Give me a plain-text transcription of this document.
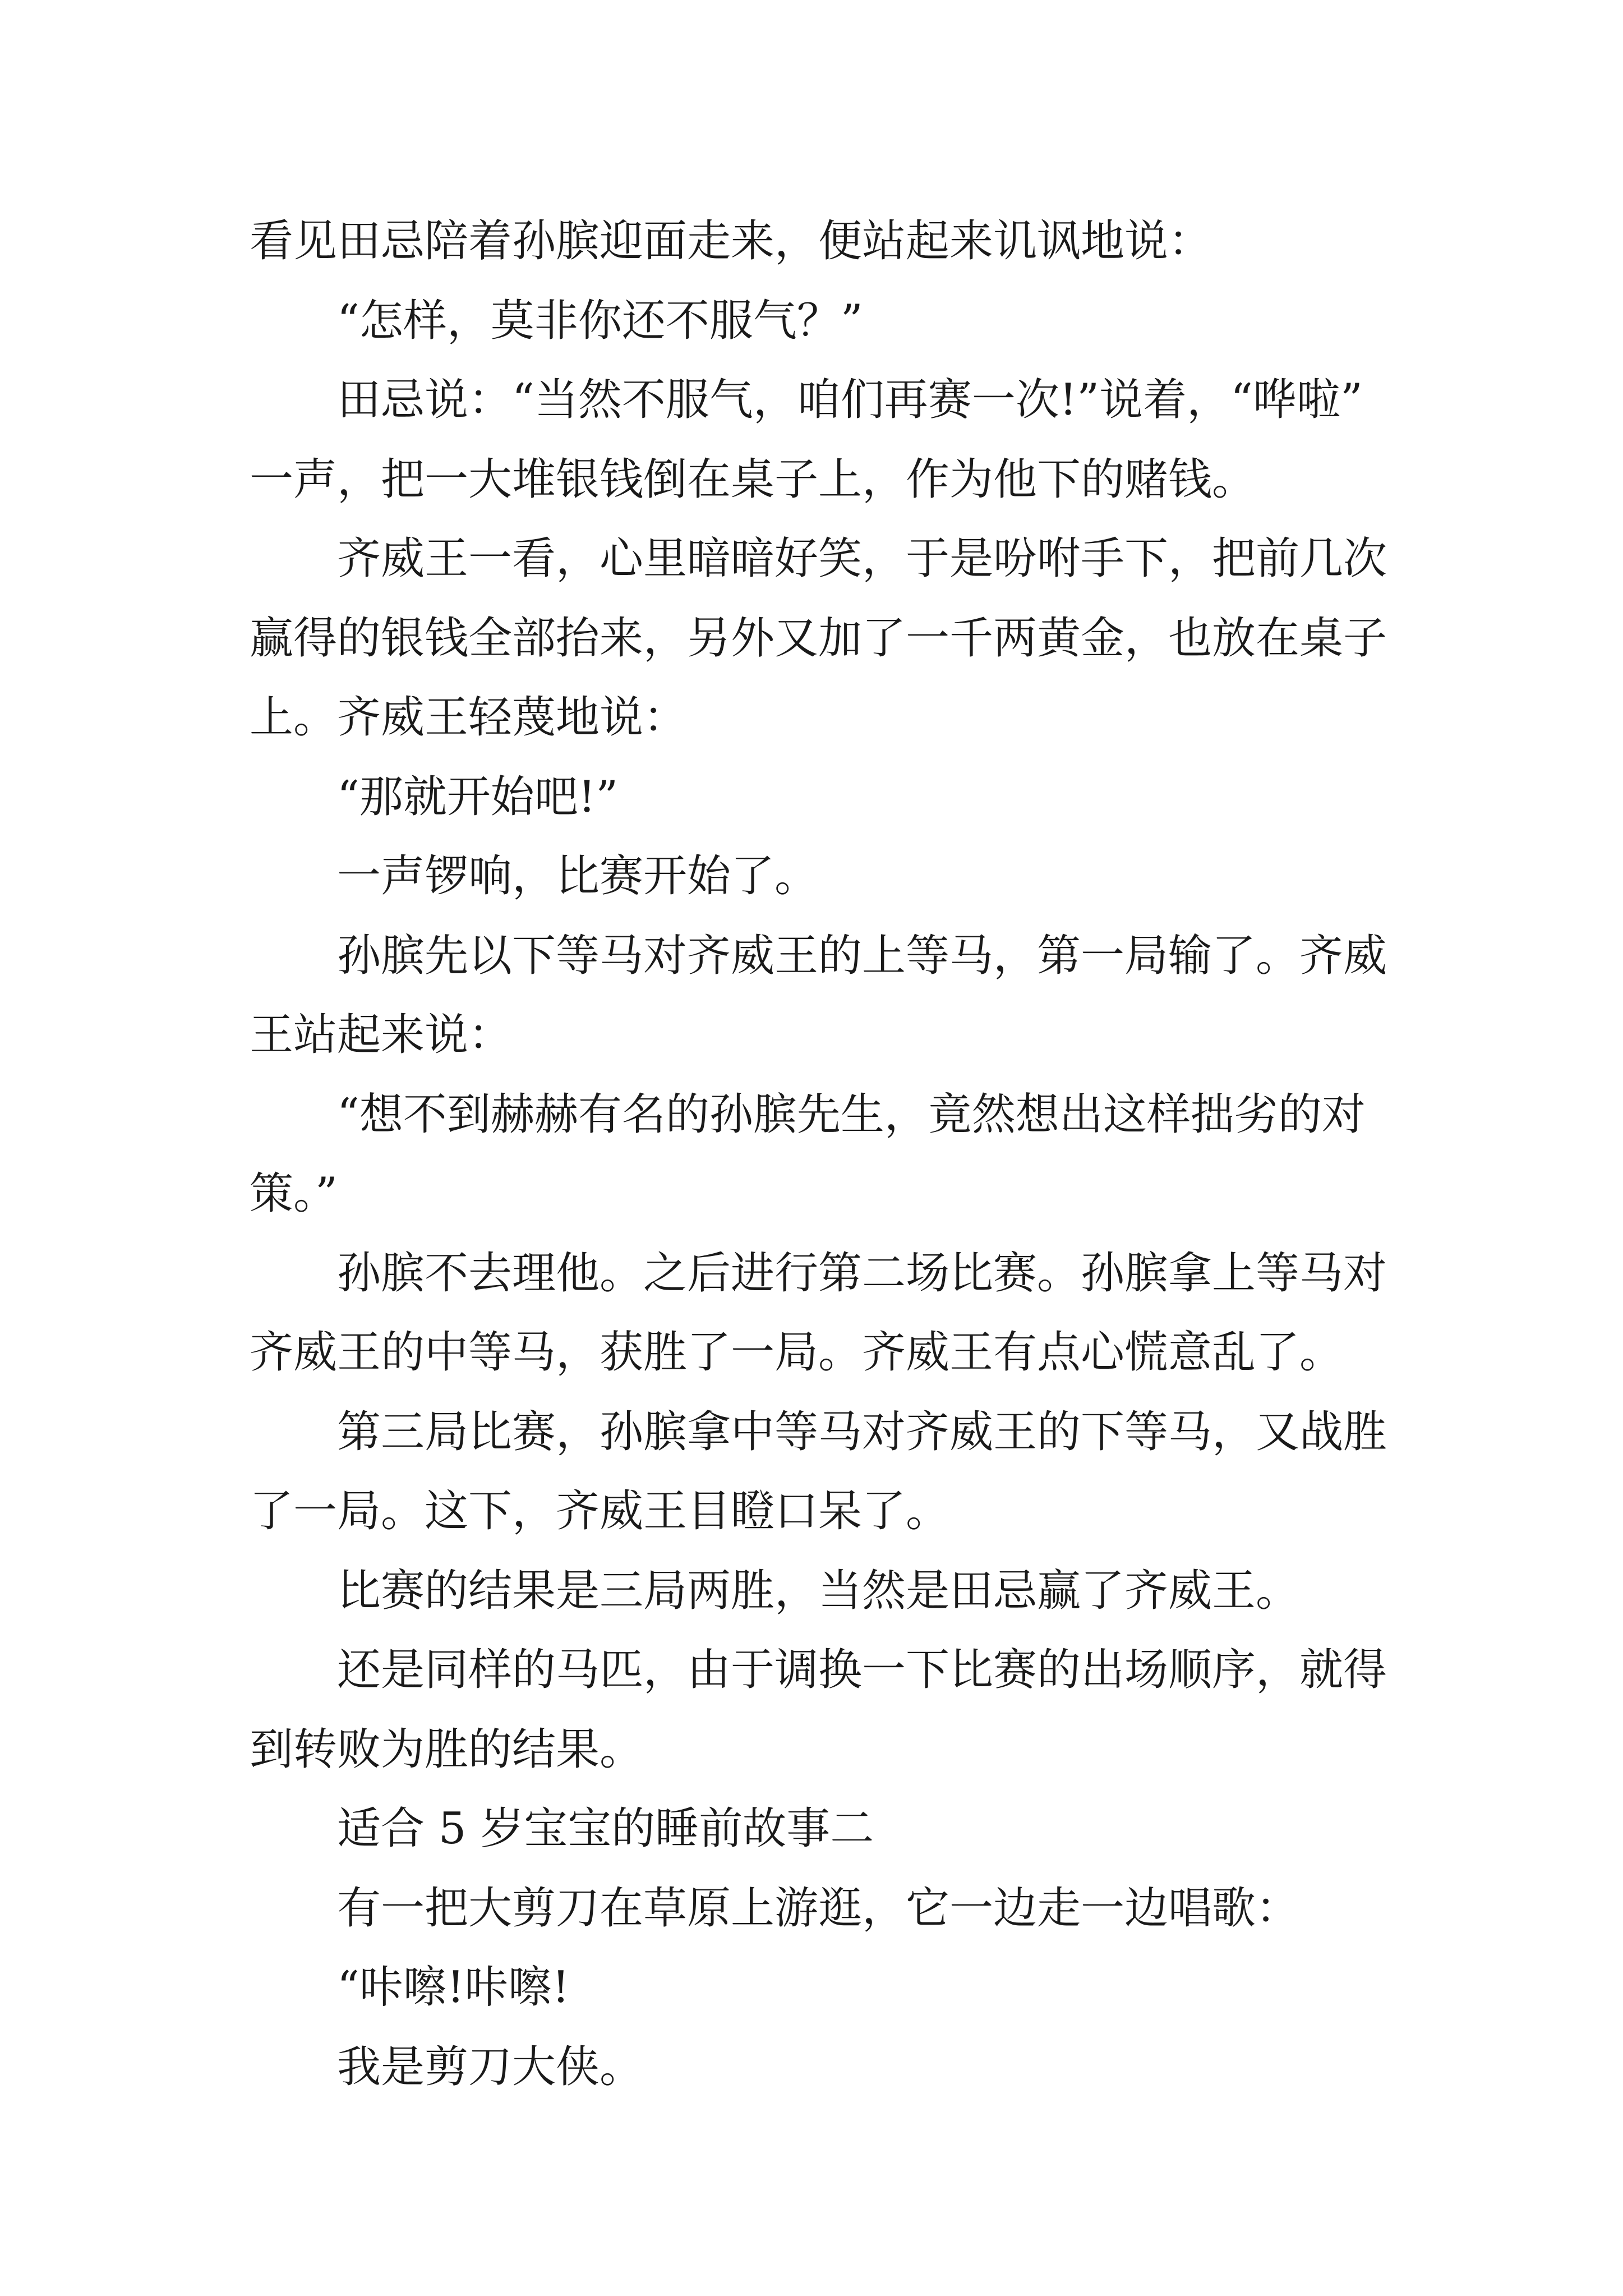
看见田忌陪着孙膑迎面走来，便站起来讥讽地说：
“怎样，莫非你还不服气？”
田忌说：“当然不服气，咱们再赛一次!”说着，“哗啦”
一声，把一大堆银钱倒在桌子上，作为他下的赌钱。
齐威王一看，心里暗暗好笑，于是吩咐手下，把前几次
赢得的银钱全部抬来，另外又加了一千两黄金，也放在桌子
上。齐威王轻蔑地说：
“那就开始吧!”
一声锣响，比赛开始了。
孙膑先以下等马对齐威王的上等马，第一局输了。齐威
王站起来说：
“想不到赫赫有名的孙膑先生，竟然想出这样拙劣的对
策。”
孙膑不去理他。之后进行第二场比赛。孙膑拿上等马对
齐威王的中等马，获胜了一局。齐威王有点心慌意乱了。
第三局比赛，孙膑拿中等马对齐威王的下等马，又战胜
了一局。这下，齐威王目瞪口呆了。
比赛的结果是三局两胜，当然是田忌赢了齐威王。
还是同样的马匹，由于调换一下比赛的出场顺序，就得
到转败为胜的结果。
适合 5 岁宝宝的睡前故事二
有一把大剪刀在草原上游逛，它一边走一边唱歌：
“咔嚓!咔嚓!
我是剪刀大侠。
